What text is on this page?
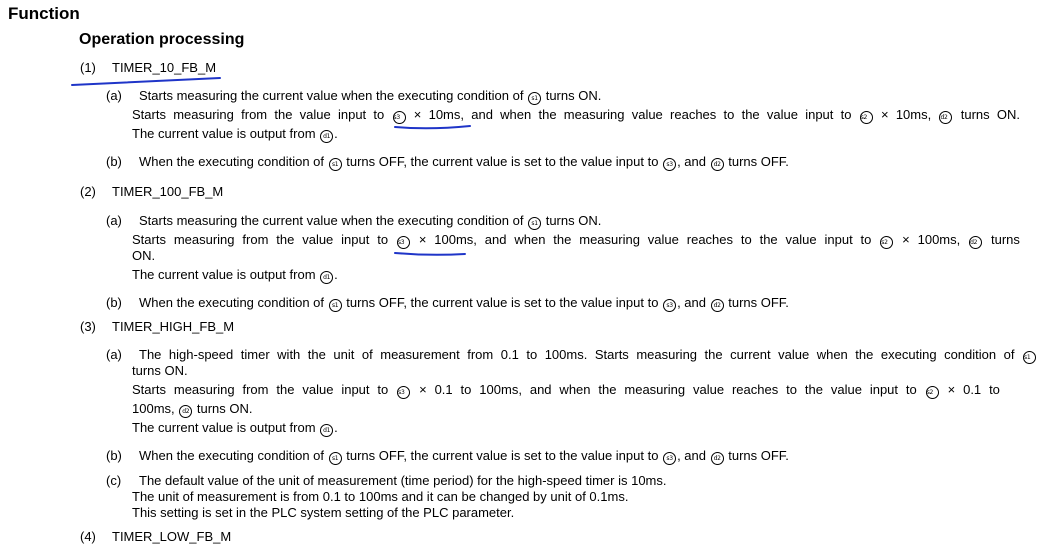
Function
Operation processing
(1) TIMER_10_FB_M
(a) Starts measuring the current value when the executing condition of s1 turns ON.
Starts measuring from the value input to s3 × 10ms, and when the measuring value reaches to the value input to s2 × 10ms, d2 turns ON.
The current value is output from d1 .
(b) When the executing condition of s1 turns OFF, the current value is set to the value input to s3 , and d2 turns OFF.
(2) TIMER_100_FB_M
(a) Starts measuring the current value when the executing condition of s1 turns ON.
Starts measuring from the value input to s3 × 100ms, and when the measuring value reaches to the value input to s2 × 100ms, d2 turns
ON.
The current value is output from d1 .
(b) When the executing condition of s1 turns OFF, the current value is set to the value input to s3 , and d2 turns OFF.
(3) TIMER_HIGH_FB_M
(a) The high-speed timer with the unit of measurement from 0.1 to 100ms. Starts measuring the current value when the executing condition of s1
turns ON.
Starts measuring from the value input to s3 × 0.1 to 100ms, and when the measuring value reaches to the value input to s2 × 0.1 to
100ms, d2 turns ON.
The current value is output from d1 .
(b) When the executing condition of s1 turns OFF, the current value is set to the value input to s3 , and d2 turns OFF.
(c) The default value of the unit of measurement (time period) for the high-speed timer is 10ms.
The unit of measurement is from 0.1 to 100ms and it can be changed by unit of 0.1ms.
This setting is set in the PLC system setting of the PLC parameter.
(4) TIMER_LOW_FB_M
